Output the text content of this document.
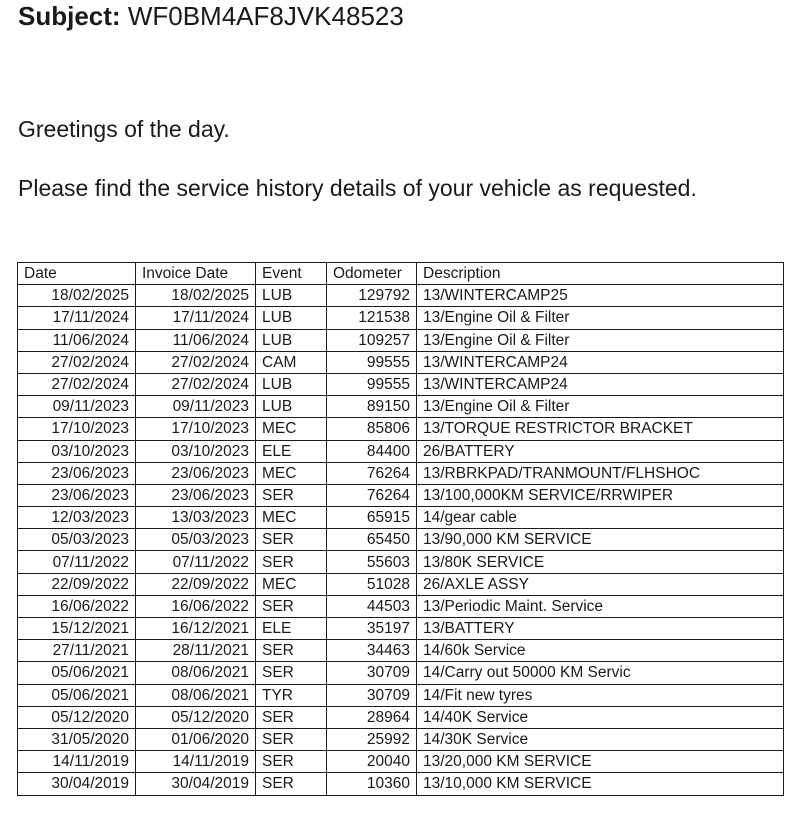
Subject: WF0BM4AF8JVK48523

Greetings of the day.

Please find the service history details of your vehicle as requested.

Date	Invoice Date	Event	Odometer	Description
18/02/2025	18/02/2025	LUB	129792	13/WINTERCAMP25
17/11/2024	17/11/2024	LUB	121538	13/Engine Oil & Filter
11/06/2024	11/06/2024	LUB	109257	13/Engine Oil & Filter
27/02/2024	27/02/2024	CAM	99555	13/WINTERCAMP24
27/02/2024	27/02/2024	LUB	99555	13/WINTERCAMP24
09/11/2023	09/11/2023	LUB	89150	13/Engine Oil & Filter
17/10/2023	17/10/2023	MEC	85806	13/TORQUE RESTRICTOR BRACKET
03/10/2023	03/10/2023	ELE	84400	26/BATTERY
23/06/2023	23/06/2023	MEC	76264	13/RBRKPAD/TRANMOUNT/FLHSHOC
23/06/2023	23/06/2023	SER	76264	13/100,000KM SERVICE/RRWIPER
12/03/2023	13/03/2023	MEC	65915	14/gear cable
05/03/2023	05/03/2023	SER	65450	13/90,000 KM SERVICE
07/11/2022	07/11/2022	SER	55603	13/80K SERVICE
22/09/2022	22/09/2022	MEC	51028	26/AXLE ASSY
16/06/2022	16/06/2022	SER	44503	13/Periodic Maint. Service
15/12/2021	16/12/2021	ELE	35197	13/BATTERY
27/11/2021	28/11/2021	SER	34463	14/60k Service
05/06/2021	08/06/2021	SER	30709	14/Carry out 50000 KM Servic
05/06/2021	08/06/2021	TYR	30709	14/Fit new tyres
05/12/2020	05/12/2020	SER	28964	14/40K Service
31/05/2020	01/06/2020	SER	25992	14/30K Service
14/11/2019	14/11/2019	SER	20040	13/20,000 KM SERVICE
30/04/2019	30/04/2019	SER	10360	13/10,000 KM SERVICE
